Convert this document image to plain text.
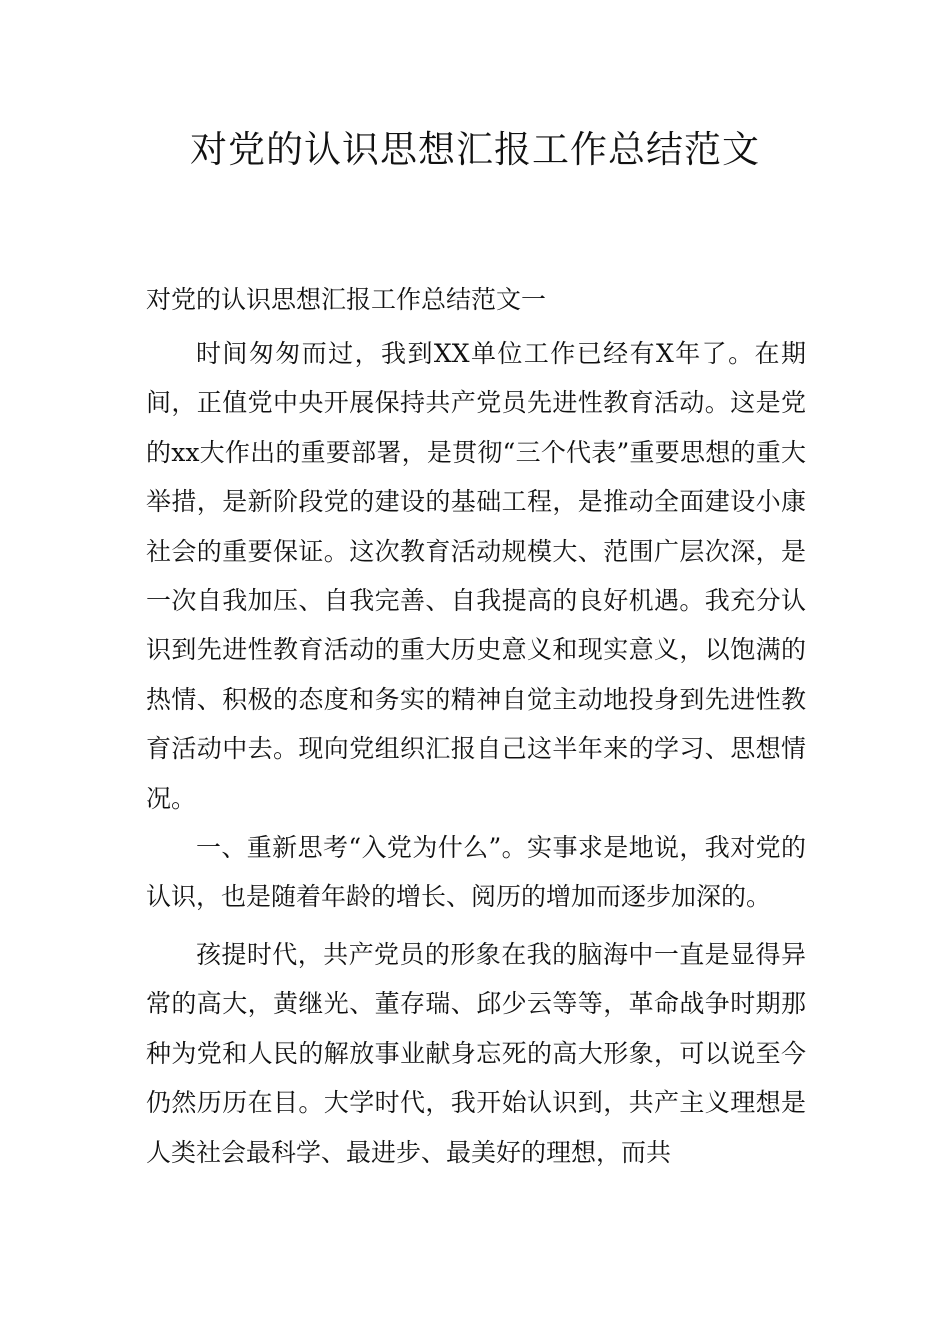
对党的认识思想汇报工作总结范文
对党的认识思想汇报工作总结范文一

时间匆匆而过，我到XX单位工作已经有X年了。在期间，正值党中央开展保持共产党员先进性教育活动。这是党的xx大作出的重要部署，是贯彻“三个代表”重要思想的重大举措，是新阶段党的建设的基础工程，是推动全面建设小康社会的重要保证。这次教育活动规模大、范围广层次深，是一次自我加压、自我完善、自我提高的良好机遇。我充分认识到先进性教育活动的重大历史意义和现实意义，以饱满的热情、积极的态度和务实的精神自觉主动地投身到先进性教育活动中去。现向党组织汇报自己这半年来的学习、思想情况。

一、重新思考“入党为什么”。实事求是地说，我对党的认识，也是随着年龄的增长、阅历的增加而逐步加深的。

孩提时代，共产党员的形象在我的脑海中一直是显得异常的高大，黄继光、董存瑞、邱少云等等，革命战争时期那种为党和人民的解放事业献身忘死的高大形象，可以说至今仍然历历在目。大学时代，我开始认识到，共产主义理想是人类社会最科学、最进步、最美好的理想，而共
